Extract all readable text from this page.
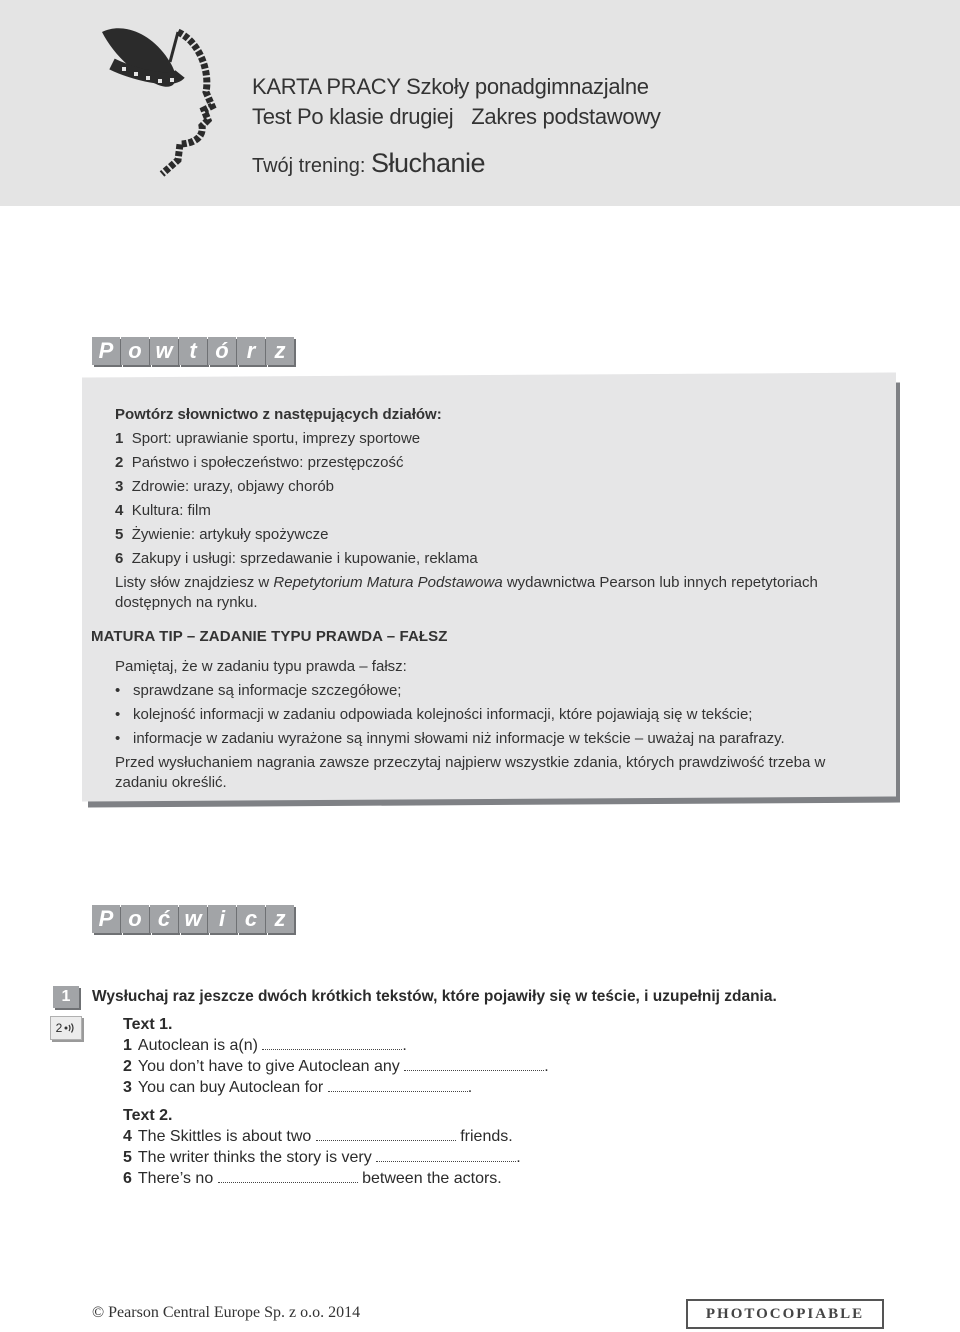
KARTA PRACY Szkoły ponadgimnazjalne
Test Po klasie drugiej Zakres podstawowy
Twój trening: Słuchanie
P o w t ó r z
Powtórz słownictwo z następujących działów:
1 Sport: uprawianie sportu, imprezy sportowe
2 Państwo i społeczeństwo: przestępczość
3 Zdrowie: urazy, objawy chorób
4 Kultura: film
5 Żywienie: artykuły spożywcze
6 Zakupy i usługi: sprzedawanie i kupowanie, reklama
Listy słów znajdziesz w Repetytorium Matura Podstawowa wydawnictwa Pearson lub innych repetytoriach dostępnych na rynku.
MATURA TIP – ZADANIE TYPU PRAWDA – FAŁSZ
Pamiętaj, że w zadaniu typu prawda – fałsz:
• sprawdzane są informacje szczegółowe;
• kolejność informacji w zadaniu odpowiada kolejności informacji, które pojawiają się w tekście;
• informacje w zadaniu wyrażone są innymi słowami niż informacje w tekście – uważaj na parafrazy.
Przed wysłuchaniem nagrania zawsze przeczytaj najpierw wszystkie zdania, których prawdziwość trzeba w zadaniu określić.
P o ć w i c z
1	Wysłuchaj raz jeszcze dwóch krótkich tekstów, które pojawiły się w teście, i uzupełnij zdania.
2	Text 1.
1 Autoclean is a(n)	.
2 You don’t have to give Autoclean any	.
3 You can buy Autoclean for	.
Text 2.
4 The Skittles is about two	friends.
5 The writer thinks the story is very	.
6 There’s no	between the actors.
© Pearson Central Europe Sp. z o.o. 2014	PHOTOCOPIABLE
